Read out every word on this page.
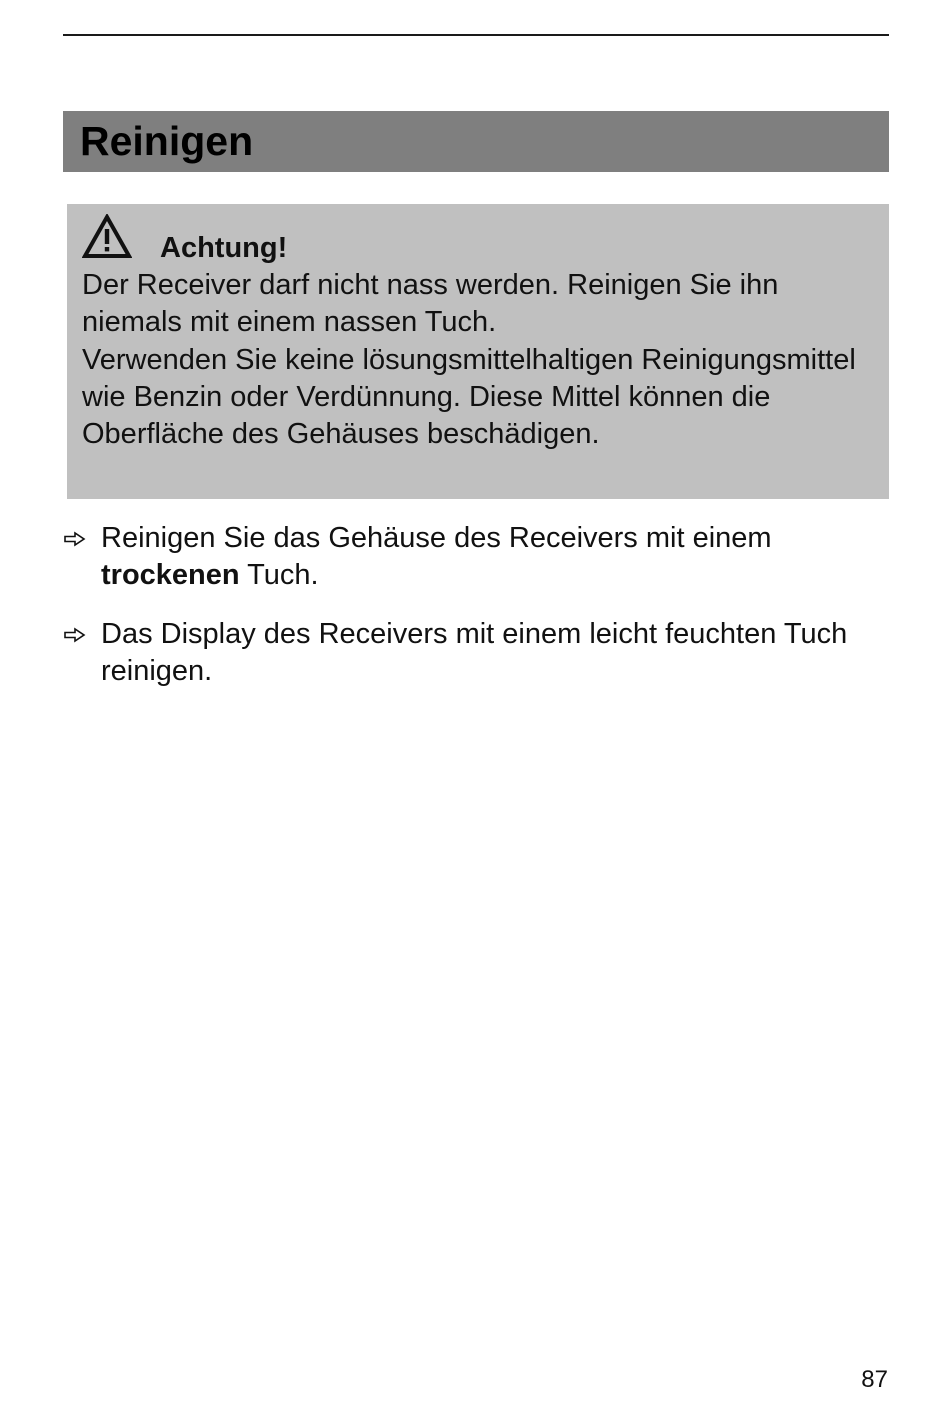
Reinigen
Achtung!

Der Receiver darf nicht nass werden. Reinigen Sie ihn niemals mit einem nassen Tuch.

Verwenden Sie keine lösungsmittelhaltigen Reinigungsmittel wie Benzin oder Verdünnung. Diese Mittel können die Oberfläche des Gehäuses beschädigen.

Reinigen Sie das Gehäuse des Receivers mit einem trockenen Tuch.
Das Display des Receivers mit einem leicht feuchten Tuch reinigen.
87
